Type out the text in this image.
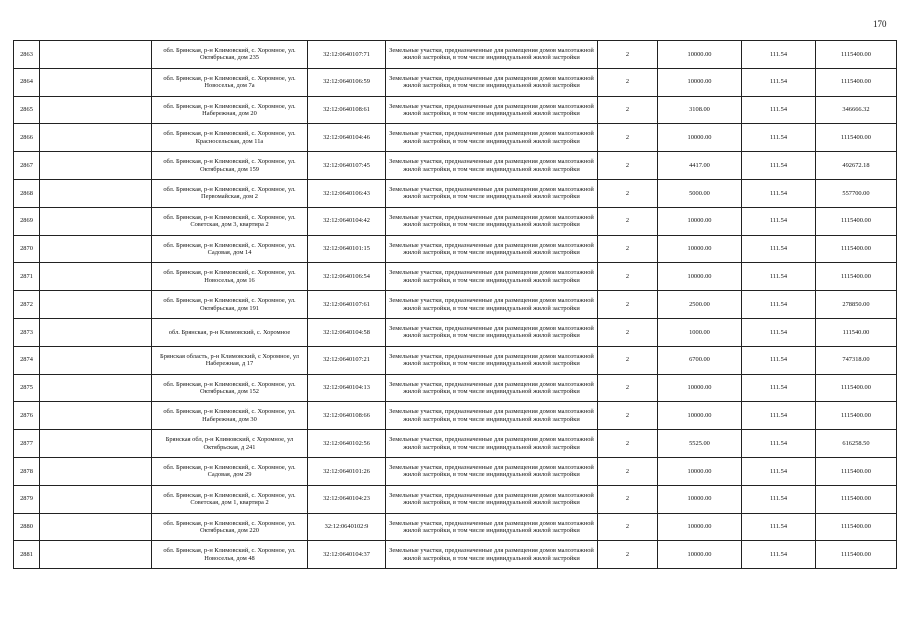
170
2863		обл. Брянская, р-н Климовский, с. Хоромное, ул. Октябрьская, дом 235	32:12:0640107:71	Земельные участки, предназначенные для размещения домов малоэтажной жилой застройки, в том числе индивидуальной жилой застройки	2	10000.00	111.54	1115400.00
2864		обл. Брянская, р-н Климовский, с. Хоромное, ул. Новоселья, дом 7а	32:12:0640106:59	Земельные участки, предназначенные для размещения домов малоэтажной жилой застройки, в том числе индивидуальной жилой застройки	2	10000.00	111.54	1115400.00
2865		обл. Брянская, р-н Климовский, с. Хоромное, ул. Набережная, дом 20	32:12:0640108:61	Земельные участки, предназначенные для размещения домов малоэтажной жилой застройки, в том числе индивидуальной жилой застройки	2	3108.00	111.54	346666.32
2866		обл. Брянская, р-н Климовский, с. Хоромное, ул. Красносельская, дом 11а	32:12:0640104:46	Земельные участки, предназначенные для размещения домов малоэтажной жилой застройки, в том числе индивидуальной жилой застройки	2	10000.00	111.54	1115400.00
2867		обл. Брянская, р-н Климовский, с. Хоромное, ул. Октябрьская, дом 159	32:12:0640107:45	Земельные участки, предназначенные для размещения домов малоэтажной жилой застройки, в том числе индивидуальной жилой застройки	2	4417.00	111.54	492672.18
2868		обл. Брянская, р-н Климовский, с. Хоромное, ул. Первомайская, дом 2	32:12:0640106:43	Земельные участки, предназначенные для размещения домов малоэтажной жилой застройки, в том числе индивидуальной жилой застройки	2	5000.00	111.54	557700.00
2869		обл. Брянская, р-н Климовский, с. Хоромное, ул. Советская, дом 3, квартира 2	32:12:0640104:42	Земельные участки, предназначенные для размещения домов малоэтажной жилой застройки, в том числе индивидуальной жилой застройки	2	10000.00	111.54	1115400.00
2870		обл. Брянская, р-н Климовский, с. Хоромное, ул. Садовая, дом 14	32:12:0640101:15	Земельные участки, предназначенные для размещения домов малоэтажной жилой застройки, в том числе индивидуальной жилой застройки	2	10000.00	111.54	1115400.00
2871		обл. Брянская, р-н Климовский, с. Хоромное, ул. Новоселья, дом 16	32:12:0640106:54	Земельные участки, предназначенные для размещения домов малоэтажной жилой застройки, в том числе индивидуальной жилой застройки	2	10000.00	111.54	1115400.00
2872		обл. Брянская, р-н Климовский, с. Хоромное, ул. Октябрьская, дом 191	32:12:0640107:61	Земельные участки, предназначенные для размещения домов малоэтажной жилой застройки, в том числе индивидуальной жилой застройки	2	2500.00	111.54	278850.00
2873		обл. Брянская, р-н Климовский, с. Хоромное	32:12:0640104:58	Земельные участки, предназначенные для размещения домов малоэтажной жилой застройки, в том числе индивидуальной жилой застройки	2	1000.00	111.54	111540.00
2874		Брянская область, р-н Климовский, с Хоромное, ул Набережная, д 17	32:12:0640107:21	Земельные участки, предназначенные для размещения домов малоэтажной жилой застройки, в том числе индивидуальной жилой застройки	2	6700.00	111.54	747318.00
2875		обл. Брянская, р-н Климовский, с. Хоромное, ул. Октябрьская, дом 152	32:12:0640104:13	Земельные участки, предназначенные для размещения домов малоэтажной жилой застройки, в том числе индивидуальной жилой застройки	2	10000.00	111.54	1115400.00
2876		обл. Брянская, р-н Климовский, с. Хоромное, ул. Набережная, дом 30	32:12:0640108:66	Земельные участки, предназначенные для размещения домов малоэтажной жилой застройки, в том числе индивидуальной жилой застройки	2	10000.00	111.54	1115400.00
2877		Брянская обл, р-н Климовский, с Хоромное, ул Октябрьская, д 241	32:12:0640102:56	Земельные участки, предназначенные для размещения домов малоэтажной жилой застройки, в том числе индивидуальной жилой застройки	2	5525.00	111.54	616258.50
2878		обл. Брянская, р-н Климовский, с. Хоромное, ул. Садовая, дом 29	32:12:0640101:26	Земельные участки, предназначенные для размещения домов малоэтажной жилой застройки, в том числе индивидуальной жилой застройки	2	10000.00	111.54	1115400.00
2879		обл. Брянская, р-н Климовский, с. Хоромное, ул. Советская, дом 1, квартира 2	32:12:0640104:23	Земельные участки, предназначенные для размещения домов малоэтажной жилой застройки, в том числе индивидуальной жилой застройки	2	10000.00	111.54	1115400.00
2880		обл. Брянская, р-н Климовский, с. Хоромное, ул. Октябрьская, дом 220	32:12:0640102:9	Земельные участки, предназначенные для размещения домов малоэтажной жилой застройки, в том числе индивидуальной жилой застройки	2	10000.00	111.54	1115400.00
2881		обл. Брянская, р-н Климовский, с. Хоромное, ул. Новоселья, дом 48	32:12:0640104:37	Земельные участки, предназначенные для размещения домов малоэтажной жилой застройки, в том числе индивидуальной жилой застройки	2	10000.00	111.54	1115400.00
